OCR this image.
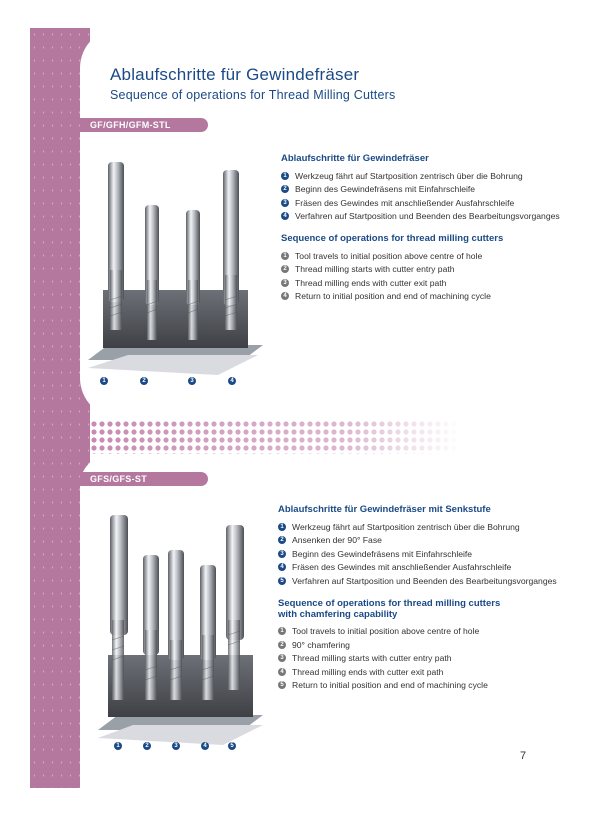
Ablaufschritte für Gewindefräser
Sequence of operations for Thread Milling Cutters
GF/GFH/GFM-STL
1	2	3	4
Ablaufschritte für Gewindefräser
1 Werkzeug fährt auf Startposition zentrisch über die Bohrung
2 Beginn des Gewindefräsens mit Einfahrschleife
3 Fräsen des Gewindes mit anschließender Ausfahrschleife
4 Verfahren auf Startposition und Beenden des Bearbeitungsvorganges
Sequence of operations for thread milling cutters
1 Tool travels to initial position above centre of hole
2 Thread milling starts with cutter entry path
3 Thread milling ends with cutter exit path
4 Return to initial position and end of machining cycle
GFS/GFS-ST
1	2	3	4	5
Ablaufschritte für Gewindefräser mit Senkstufe
1 Werkzeug fährt auf Startposition zentrisch über die Bohrung
2 Ansenken der 90° Fase
3 Beginn des Gewindefräsens mit Einfahrschleife
4 Fräsen des Gewindes mit anschließender Ausfahrschleife
5 Verfahren auf Startposition und Beenden des Bearbeitungsvorganges
Sequence of operations for thread milling cutters
with chamfering capability
1 Tool travels to initial position above centre of hole
2 90° chamfering
3 Thread milling starts with cutter entry path
4 Thread milling ends with cutter exit path
5 Return to initial position and end of machining cycle
7
